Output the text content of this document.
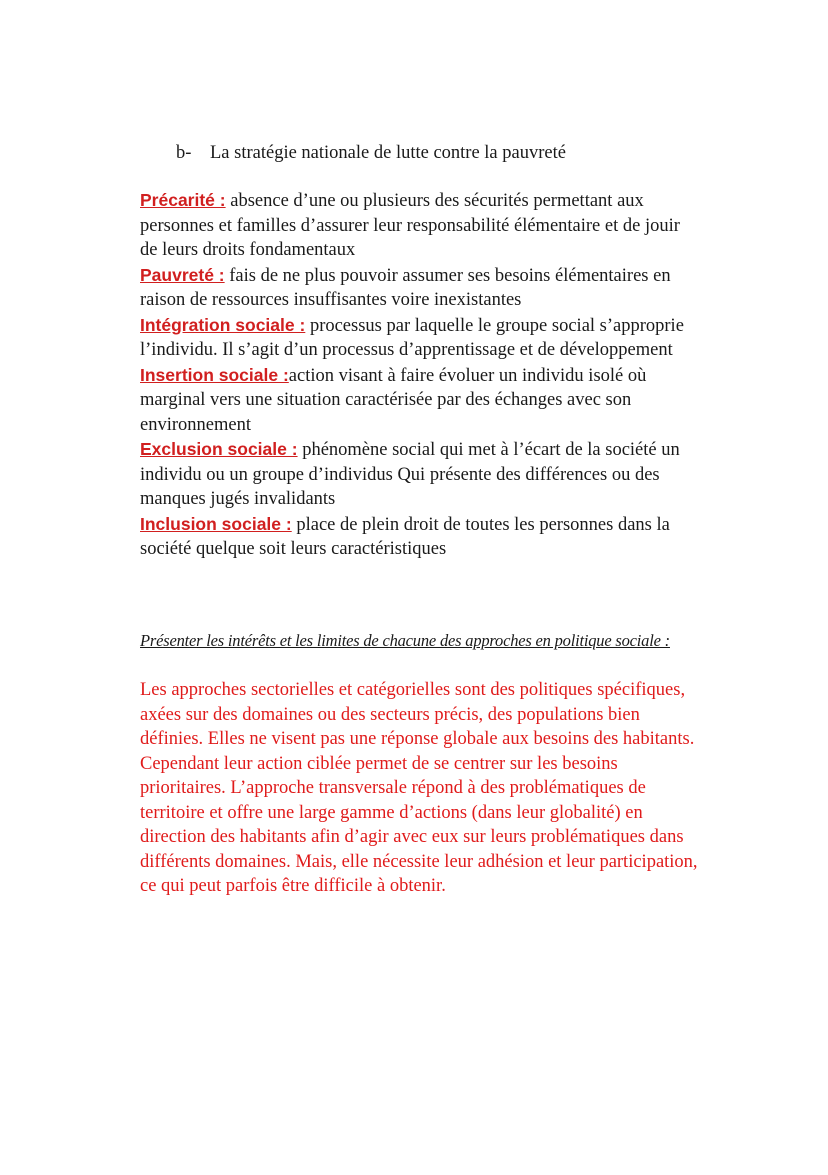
b- La stratégie nationale de lutte contre la pauvreté

Précarité : absence d’une ou plusieurs des sécurités permettant aux personnes et familles d’assurer leur responsabilité élémentaire et de jouir de leurs droits fondamentaux

Pauvreté : fais de ne plus pouvoir assumer ses besoins élémentaires en raison de ressources insuffisantes voire inexistantes

Intégration sociale : processus par laquelle le groupe social s’approprie l’individu. Il s’agit d’un processus d’apprentissage et de développement

Insertion sociale :action visant à faire évoluer un individu isolé où marginal vers une situation caractérisée par des échanges avec son environnement

Exclusion sociale : phénomène social qui met à l’écart de la société un individu ou un groupe d’individus Qui présente des différences ou des manques jugés invalidants

Inclusion sociale : place de plein droit de toutes les personnes dans la société quelque soit leurs caractéristiques

Présenter les intérêts et les limites de chacune des approches en politique sociale :
Les approches sectorielles et catégorielles sont des politiques spécifiques, axées sur des domaines ou des secteurs précis, des populations bien définies. Elles ne visent pas une réponse globale aux besoins des habitants. Cependant leur action ciblée permet de se centrer sur les besoins prioritaires. L’approche transversale répond à des problématiques de territoire et offre une large gamme d’actions (dans leur globalité) en direction des habitants afin d’agir avec eux sur leurs problématiques dans différents domaines. Mais, elle nécessite leur adhésion et leur participation, ce qui peut parfois être difficile à obtenir.
